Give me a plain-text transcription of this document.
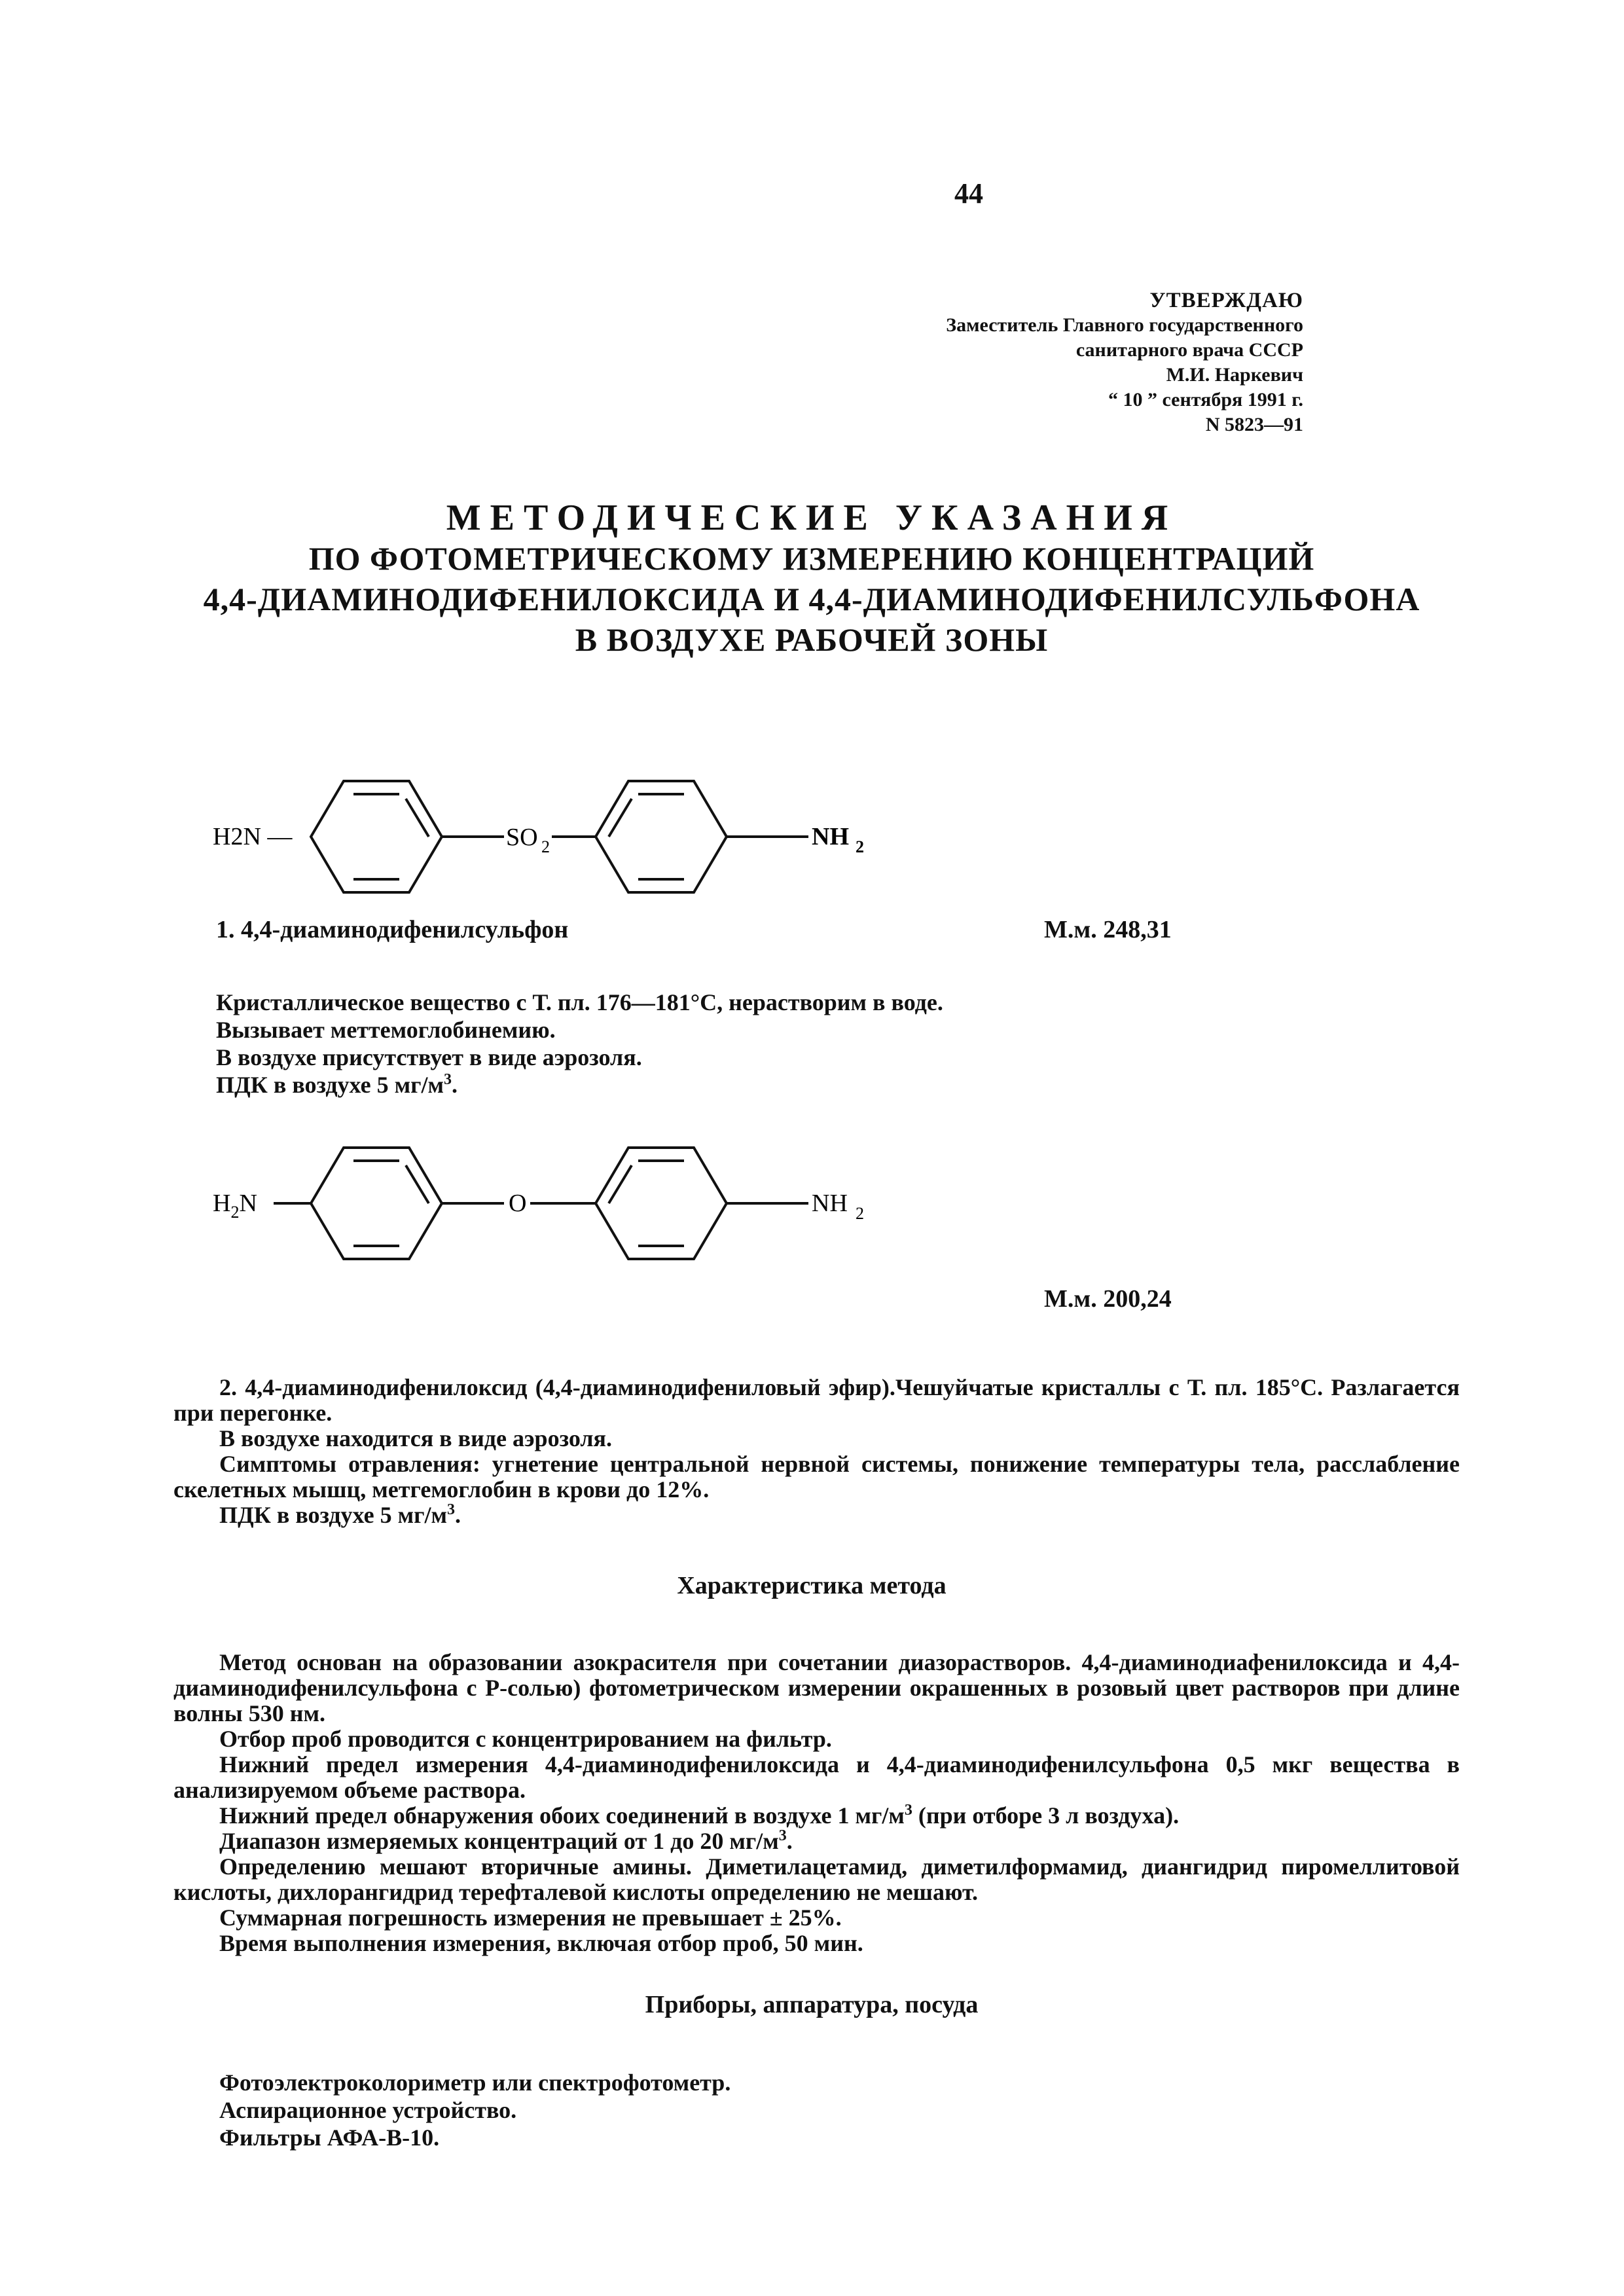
44
УТВЕРЖДАЮ
Заместитель Главного государственного
санитарного врача СССР
М.И. Наркевич
“ 10 ” сентября 1991 г.
N 5823—91
МЕТОДИЧЕСКИЕ УКАЗАНИЯ
ПО ФОТОМЕТРИЧЕСКОМУ ИЗМЕРЕНИЮ КОНЦЕНТРАЦИЙ
4,4-ДИАМИНОДИФЕНИЛОКСИДА И 4,4-ДИАМИНОДИФЕНИЛСУЛЬФОНА
В ВОЗДУХЕ РАБОЧЕЙ ЗОНЫ
H2N —	SO 2	NH 2
1. 4,4-диаминодифенилсульфон	М.м. 248,31
Кристаллическое вещество с Т. пл. 176—181°C, нерастворим в воде.
Вызывает меттемоглобинемию.
В воздухе присутствует в виде аэрозоля.
ПДК в воздухе 5 $мг/м^3$.
$H_2N$	O	NH 2
М.м. 200,24

2. 4,4-диаминодифенилоксид (4,4-диаминодифениловый эфир).Чешуйчатые кристаллы с Т. пл. 185°C. Разлагается при перегонке.

В воздухе находится в виде аэрозоля.

Симптомы отравления: угнетение центральной нервной системы, понижение температуры тела, расслабление скелетных мышц, метгемоглобин в крови до 12%.

ПДК в воздухе 5 $мг/м^3$.

Характеристика метода

Метод основан на образовании азокрасителя при сочетании диазорастворов. 4,4-диаминодиафенилоксида и 4,4-диаминодифенилсульфона с Р-солью) фотометрическом измерении окрашенных в розовый цвет растворов при длине волны 530 нм.

Отбор проб проводится с концентрированием на фильтр.

Нижний предел измерения 4,4-диаминодифенилоксида и 4,4-диаминодифенилсульфона 0,5 мкг вещества в анализируемом объеме раствора.

Нижний предел обнаружения обоих соединений в воздухе 1 $мг/м^3$ (при отборе 3 л воздуха).

Диапазон измеряемых концентраций от 1 до 20 $мг/м^3$.

Определению мешают вторичные амины. Диметилацетамид, диметилформамид, диангидрид пиромеллитовой кислоты, дихлорангидрид терефталевой кислоты определению не мешают.

Суммарная погрешность измерения не превышает ± 25%.

Время выполнения измерения, включая отбор проб, 50 мин.

Приборы, аппаратура, посуда
Фотоэлектроколориметр или спектрофотометр.
Аспирационное устройство.
Фильтры АФА-В-10.
